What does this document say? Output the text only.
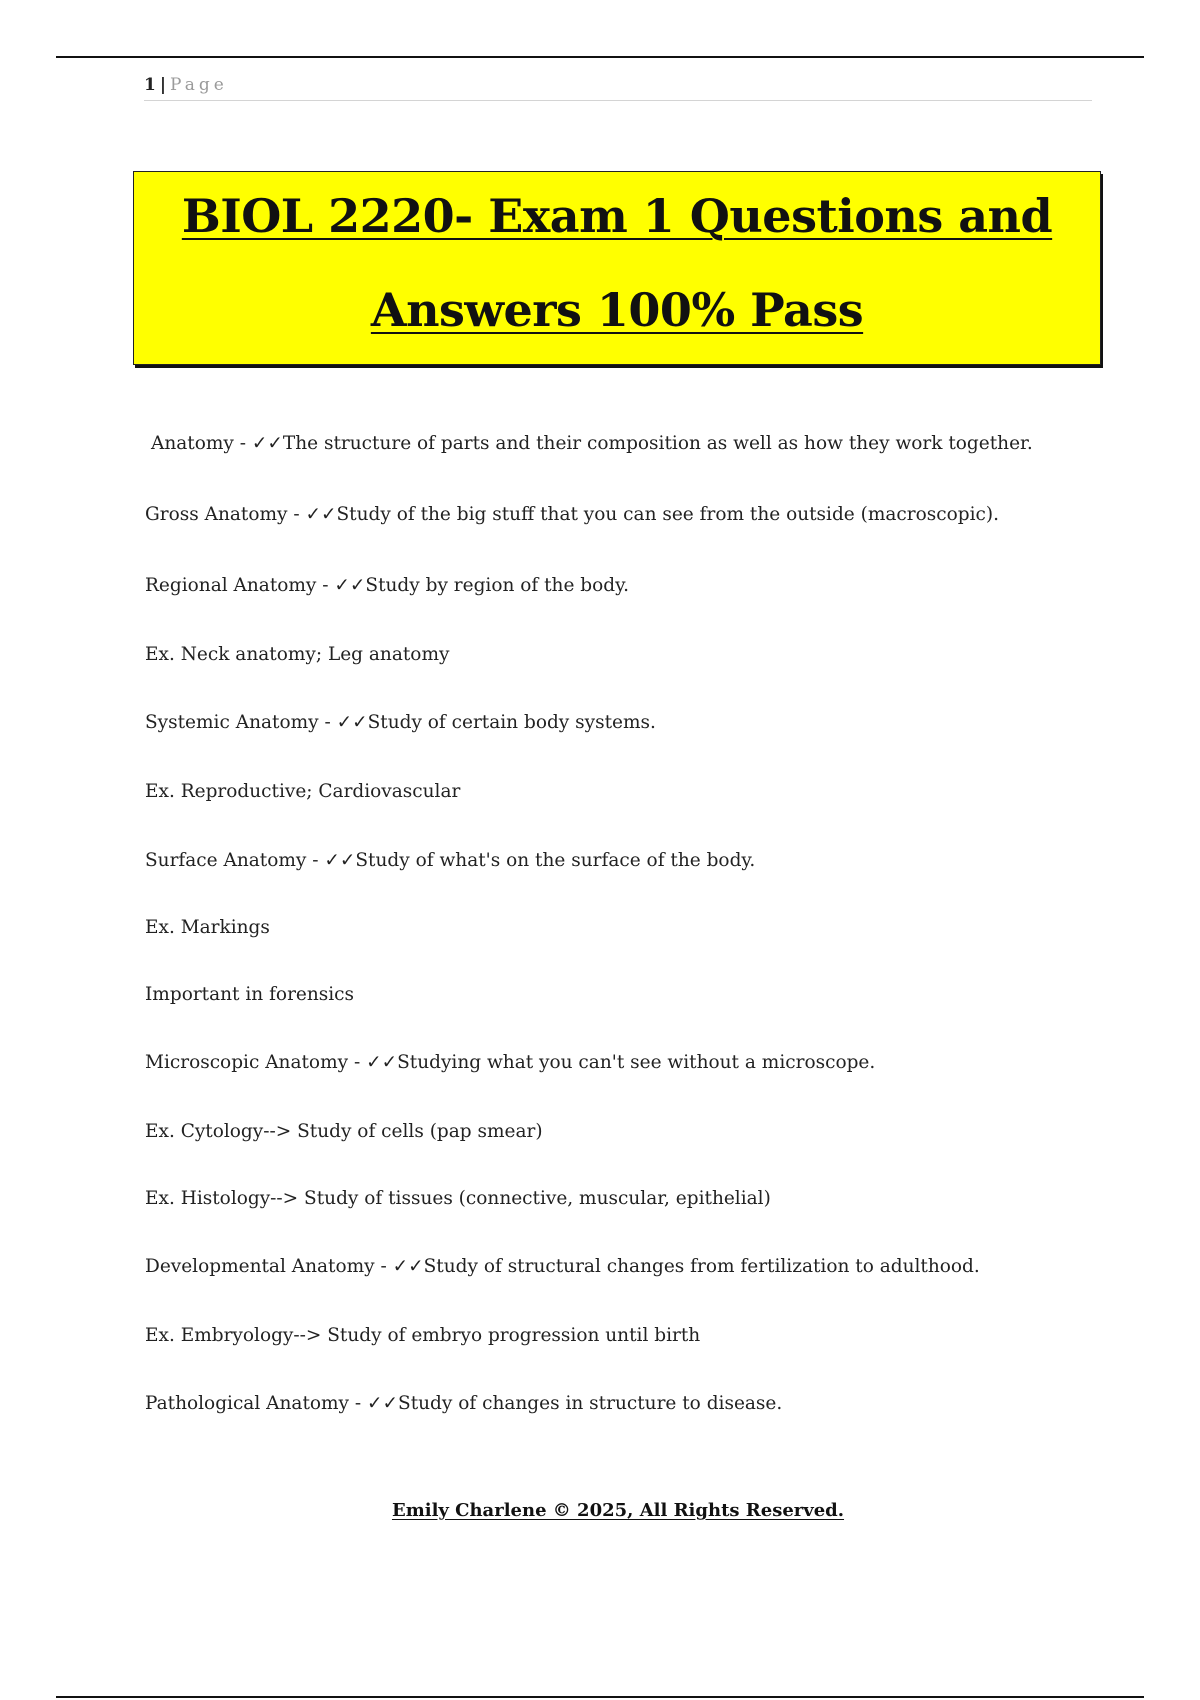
1 | Page
BIOL 2220- Exam 1 Questions and
Answers 100% Pass
Anatomy - ✓✓The structure of parts and their composition as well as how they work together.
Gross Anatomy - ✓✓Study of the big stuff that you can see from the outside (macroscopic).
Regional Anatomy - ✓✓Study by region of the body.
Ex. Neck anatomy; Leg anatomy
Systemic Anatomy - ✓✓Study of certain body systems.
Ex. Reproductive; Cardiovascular
Surface Anatomy - ✓✓Study of what's on the surface of the body.
Ex. Markings
Important in forensics
Microscopic Anatomy - ✓✓Studying what you can't see without a microscope.
Ex. Cytology--> Study of cells (pap smear)
Ex. Histology--> Study of tissues (connective, muscular, epithelial)
Developmental Anatomy - ✓✓Study of structural changes from fertilization to adulthood.
Ex. Embryology--> Study of embryo progression until birth
Pathological Anatomy - ✓✓Study of changes in structure to disease.
Emily Charlene © 2025, All Rights Reserved.
